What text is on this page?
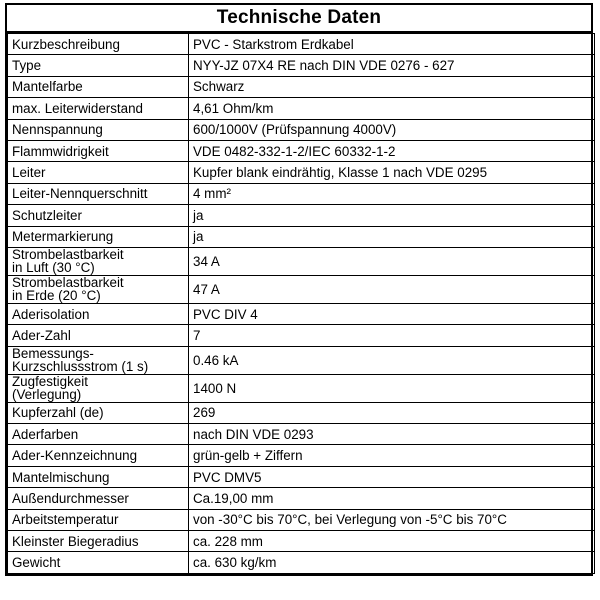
Technische Daten
Kurzbeschreibung	PVC - Starkstrom Erdkabel
Type	NYY-JZ 07X4 RE nach DIN VDE 0276 - 627
Mantelfarbe	Schwarz
max. Leiterwiderstand	4,61 Ohm/km
Nennspannung	600/1000V (Prüfspannung 4000V)
Flammwidrigkeit	VDE 0482-332-1-2/IEC 60332-1-2
Leiter	Kupfer blank eindrähtig, Klasse 1 nach VDE 0295
Leiter-Nennquerschnitt	4 mm²
Schutzleiter	ja
Metermarkierung	ja
Strombelastbarkeit
in Luft (30 °C)	34 A
Strombelastbarkeit
in Erde (20 °C)	47 A
Aderisolation	PVC DIV 4
Ader-Zahl	7
Bemessungs-
Kurzschlussstrom (1 s)	0.46 kA
Zugfestigkeit
(Verlegung)	1400 N
Kupferzahl (de)	269
Aderfarben	nach DIN VDE 0293
Ader-Kennzeichnung	grün-gelb + Ziffern
Mantelmischung	PVC DMV5
Außendurchmesser	Ca.19,00 mm
Arbeitstemperatur	von -30°C bis 70°C, bei Verlegung von -5°C bis 70°C
Kleinster Biegeradius	ca. 228 mm
Gewicht	ca. 630 kg/km
